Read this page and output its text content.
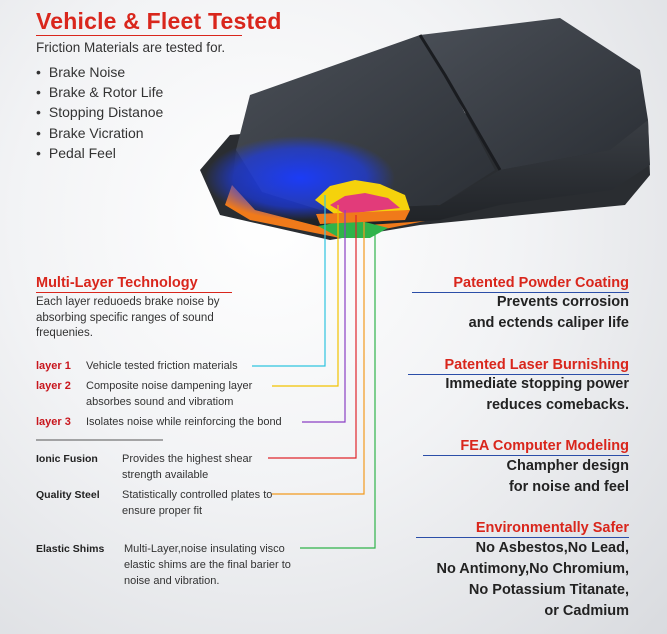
Vehicle & Fleet Tested
Friction Materials are tested for.
• Brake Noise
• Brake & Rotor Life
• Stopping Distanoe
• Brake Vicration
• Pedal Feel
Multi-Layer Technology
Each layer reduoeds brake noise by absorbing specific ranges of sound frequenies.
layer 1 Vehicle tested friction materials
layer 2 Composite noise dampening layer absorbes sound and vibratiom
layer 3 Isolates noise while reinforcing the bond
Ionic Fusion Provides the highest shear strength available
Quality Steel Statistically controlled plates to ensure proper fit
Elastic Shims Multi-Layer,noise insulating visco elastic shims are the final barier to noise and vibration.
Patented Powder Coating
Prevents corrosion
and ectends caliper life
Patented Laser Burnishing
Immediate stopping power
reduces comebacks.
FEA Computer Modeling
Champher design
for noise and feel
Environmentally Safer
No Asbestos,No Lead,
No Antimony,No Chromium,
No Potassium Titanate,
or Cadmium
